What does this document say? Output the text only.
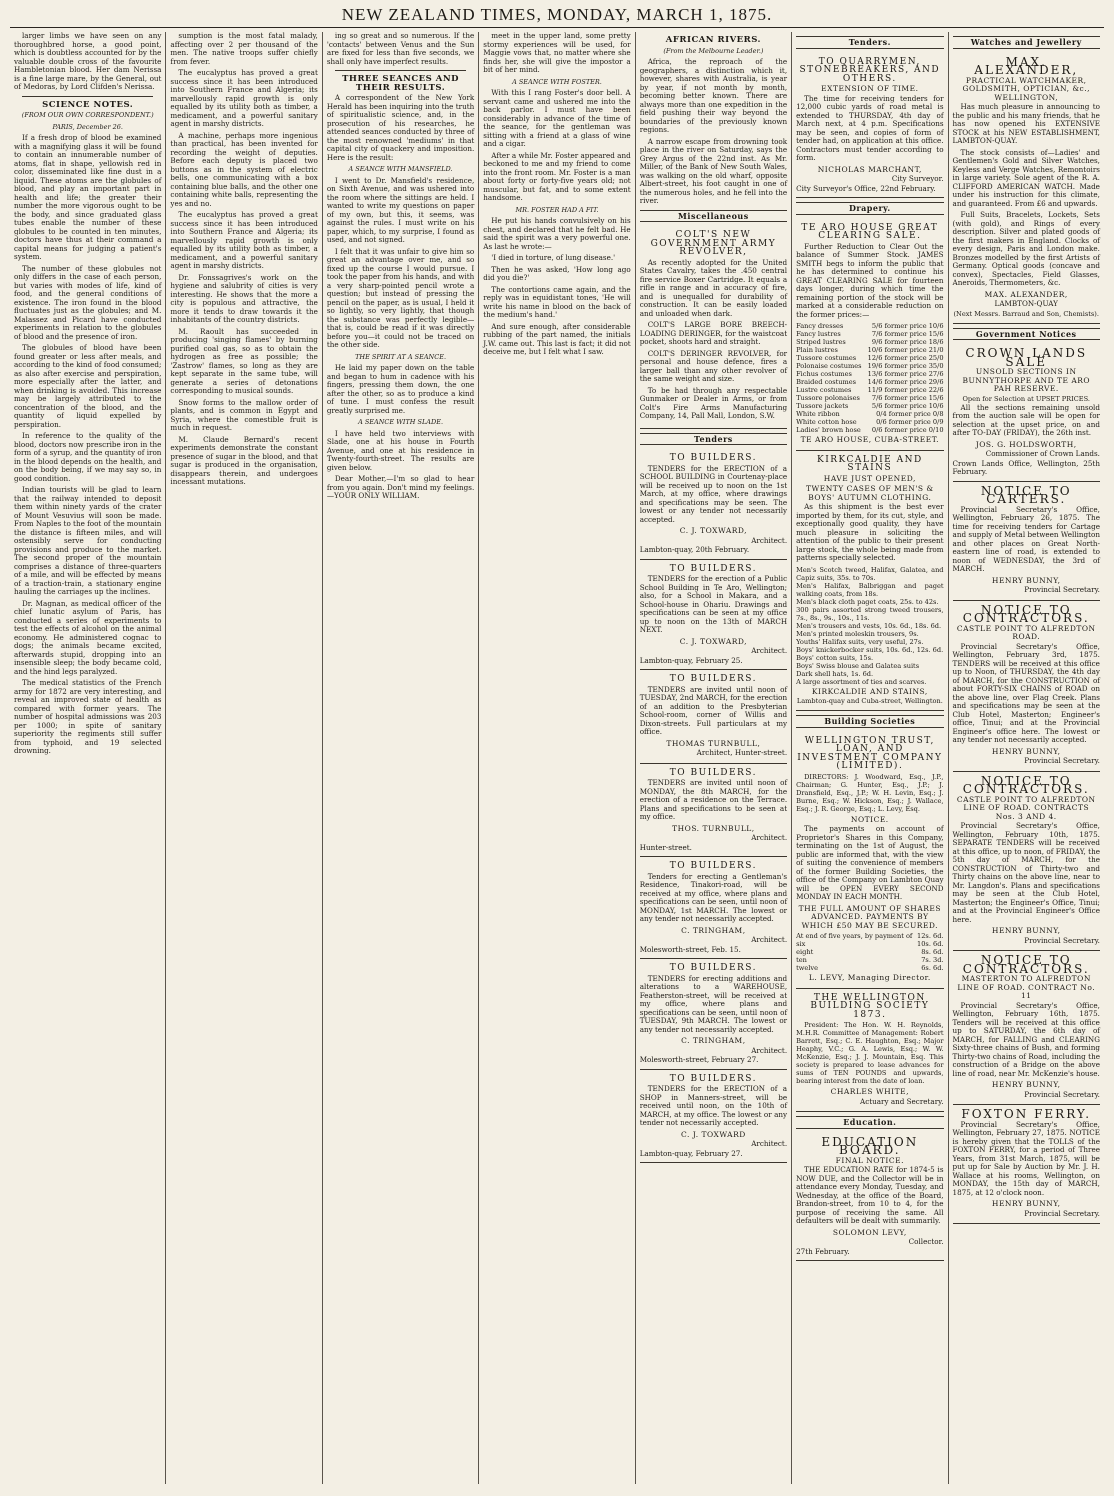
NEW ZEALAND TIMES, MONDAY, MARCH 1, 1875.

larger limbs we have seen on any thoroughbred horse, a good point, which is doubtless accounted for by the valuable double cross of the favourite Hambletonian blood. Her dam Nerissa is a fine large mare, by the General, out of Medoras, by Lord Clifden's Nerissa.

SCIENCE NOTES.
(FROM OUR OWN CORRESPONDENT.)
PARIS, December 26.

If a fresh drop of blood be examined with a magnifying glass it will be found to contain an innumerable number of atoms, flat in shape, yellowish red in color, disseminated like fine dust in a liquid. These atoms are the globules of blood, and play an important part in health and life; the greater their number the more vigorous ought to be the body, and since graduated glass tubes enable the number of these globules to be counted in ten minutes, doctors have thus at their command a capital means for judging a patient's system.

The number of these globules not only differs in the case of each person, but varies with modes of life, kind of food, and the general conditions of existence. The iron found in the blood fluctuates just as the globules; and M. Malassez and Picard have conducted experiments in relation to the globules of blood and the presence of iron.

The globules of blood have been found greater or less after meals, and according to the kind of food consumed; as also after exercise and perspiration, more especially after the latter, and when drinking is avoided. This increase may be largely attributed to the concentration of the blood, and the quantity of liquid expelled by perspiration.

In reference to the quality of the blood, doctors now prescribe iron in the form of a syrup, and the quantity of iron in the blood depends on the health, and on the body being, if we may say so, in good condition.

Indian tourists will be glad to learn that the railway intended to deposit them within ninety yards of the crater of Mount Vesuvius will soon be made. From Naples to the foot of the mountain the distance is fifteen miles, and will ostensibly serve for conducting provisions and produce to the market. The second proper of the mountain comprises a distance of three-quarters of a mile, and will be effected by means of a traction-train, a stationary engine hauling the carriages up the inclines.

Dr. Magnan, as medical officer of the chief lunatic asylum of Paris, has conducted a series of experiments to test the effects of alcohol on the animal economy. He administered cognac to dogs; the animals became excited, afterwards stupid, dropping into an insensible sleep; the body became cold, and the hind legs paralyzed.

The medical statistics of the French army for 1872 are very interesting, and reveal an improved state of health as compared with former years. The number of hospital admissions was 203 per 1000; in spite of sanitary superiority the regiments still suffer from typhoid, and 19 selected drowning.

sumption is the most fatal malady, affecting over 2 per thousand of the men. The native troops suffer chiefly from fever.

The eucalyptus has proved a great success since it has been introduced into Southern France and Algeria; its marvellously rapid growth is only equalled by its utility both as timber, a medicament, and a powerful sanitary agent in marshy districts.

A machine, perhaps more ingenious than practical, has been invented for recording the weight of deputies. Before each deputy is placed two buttons as in the system of electric bells, one communicating with a box containing blue balls, and the other one containing white balls, representing the yes and no.

The eucalyptus has proved a great success since it has been introduced into Southern France and Algeria; its marvellously rapid growth is only equalled by its utility both as timber, a medicament, and a powerful sanitary agent in marshy districts.

Dr. Fonssagrives's work on the hygiene and salubrity of cities is very interesting. He shows that the more a city is populous and attractive, the more it tends to draw towards it the inhabitants of the country districts.

M. Raoult has succeeded in producing 'singing flames' by burning purified coal gas, so as to obtain the hydrogen as free as possible; the 'Zastrow' flames, so long as they are kept separate in the same tube, will generate a series of detonations corresponding to musical sounds.

Snow forms to the mallow order of plants, and is common in Egypt and Syria, where the comestible fruit is much in request.

M. Claude Bernard's recent experiments demonstrate the constant presence of sugar in the blood, and that sugar is produced in the organisation, disappears therein, and undergoes incessant mutations.

ing so great and so numerous. If the 'contacts' between Venus and the Sun are fixed for less than five seconds, we shall only have imperfect results.

THREE SEANCES AND THEIR RESULTS.

A correspondent of the New York Herald has been inquiring into the truth of spiritualistic science, and, in the prosecution of his researches, he attended seances conducted by three of the most renowned 'mediums' in that capital city of quackery and imposition. Here is the result:

A SEANCE WITH MANSFIELD.

I went to Dr. Mansfield's residence, on Sixth Avenue, and was ushered into the room where the sittings are held. I wanted to write my questions on paper of my own, but this, it seems, was against the rules. I must write on his paper, which, to my surprise, I found as used, and not signed.

I felt that it was unfair to give him so great an advantage over me, and so fixed up the course I would pursue. I took the paper from his hands, and with a very sharp-pointed pencil wrote a question; but instead of pressing the pencil on the paper, as is usual, I held it so lightly, so very lightly, that though the substance was perfectly legible—that is, could be read if it was directly before you—it could not be traced on the other side.

THE SPIRIT AT A SEANCE.

He laid my paper down on the table and began to hum in cadence with his fingers, pressing them down, the one after the other, so as to produce a kind of tune. I must confess the result greatly surprised me.

A SEANCE WITH SLADE.

I have held two interviews with Slade, one at his house in Fourth Avenue, and one at his residence in Twenty-fourth-street. The results are given below.

Dear Mother,—I'm so glad to hear from you again. Don't mind my feelings.—YOUR ONLY WILLIAM.

meet in the upper land, some pretty stormy experiences will be used, for Maggie vows that, no matter where she finds her, she will give the impostor a bit of her mind.

A SEANCE WITH FOSTER.

With this I rang Foster's door bell. A servant came and ushered me into the back parlor. I must have been considerably in advance of the time of the seance, for the gentleman was sitting with a friend at a glass of wine and a cigar.

After a while Mr. Foster appeared and beckoned to me and my friend to come into the front room. Mr. Foster is a man about forty or forty-five years old; not muscular, but fat, and to some extent handsome.

MR. FOSTER HAD A FIT.

He put his hands convulsively on his chest, and declared that he felt bad. He said the spirit was a very powerful one. As last he wrote:—

'I died in torture, of lung disease.'

Then he was asked, 'How long ago did you die?'

The contortions came again, and the reply was in equidistant tones, 'He will write his name in blood on the back of the medium's hand.'

And sure enough, after considerable rubbing of the part named, the initials J.W. came out. This last is fact; it did not deceive me, but I felt what I saw.

AFRICAN RIVERS.
(From the Melbourne Leader.)

Africa, the reproach of the geographers, a distinction which it, however, shares with Australia, is year by year, if not month by month, becoming better known. There are always more than one expedition in the field pushing their way beyond the boundaries of the previously known regions.

A narrow escape from drowning took place in the river on Saturday, says the Grey Argus of the 22nd inst. As Mr. Miller, of the Bank of New South Wales, was walking on the old wharf, opposite Albert-street, his foot caught in one of the numerous holes, and he fell into the river.

Miscellaneous
COLT'S NEW GOVERNMENT ARMY REVOLVER,

As recently adopted for the United States Cavalry, takes the .450 central fire service Boxer Cartridge. It equals a rifle in range and in accuracy of fire, and is unequalled for durability of construction. It can be easily loaded and unloaded when dark.

COLT'S LARGE BORE BREECH-LOADING DERINGER, for the waistcoat pocket, shoots hard and straight.

COLT'S DERINGER REVOLVER, for personal and house defence, fires a larger ball than any other revolver of the same weight and size.

To be had through any respectable Gunmaker or Dealer in Arms, or from Colt's Fire Arms Manufacturing Company, 14, Pall Mall, London, S.W.

Tenders
TO BUILDERS.

TENDERS for the ERECTION of a SCHOOL BUILDING in Courtenay-place will be received up to noon on the 1st March, at my office, where drawings and specifications may be seen. The lowest or any tender not necessarily accepted.

C. J. TOXWARD,
Architect.
Lambton-quay, 20th February.
TO BUILDERS.

TENDERS for the erection of a Public School Building in Te Aro, Wellington; also, for a School in Makara, and a School-house in Ohariu. Drawings and specifications can be seen at my office up to noon on the 13th of MARCH NEXT.

C. J. TOXWARD,
Architect.
Lambton-quay, February 25.
TO BUILDERS.

TENDERS are invited until noon of TUESDAY, 2nd MARCH, for the erection of an addition to the Presbyterian School-room, corner of Willis and Dixon-streets. Full particulars at my office.

THOMAS TURNBULL,
Architect, Hunter-street.
TO BUILDERS.

TENDERS are invited until noon of MONDAY, the 8th MARCH, for the erection of a residence on the Terrace. Plans and specifications to be seen at my office.

THOS. TURNBULL,
Architect.
Hunter-street.
TO BUILDERS.

Tenders for erecting a Gentleman's Residence, Tinakori-road, will be received at my office, where plans and specifications can be seen, until noon of MONDAY, 1st MARCH. The lowest or any tender not necessarily accepted.

C. TRINGHAM,
Architect.
Molesworth-street, Feb. 15.
TO BUILDERS.

TENDERS for erecting additions and alterations to a WAREHOUSE, Featherston-street, will be received at my office, where plans and specifications can be seen, until noon of TUESDAY, 9th MARCH. The lowest or any tender not necessarily accepted.

C. TRINGHAM,
Architect.
Molesworth-street, February 27.
TO BUILDERS.

TENDERS for the ERECTION of a SHOP in Manners-street, will be received until noon, on the 10th of MARCH, at my office. The lowest or any tender not necessarily accepted.

C. J. TOXWARD
Architect.
Lambton-quay, February 27.
Tenders.
TO QUARRYMEN, STONEBREAKERS, AND OTHERS.
EXTENSION OF TIME.

The time for receiving tenders for 12,000 cubic yards of road metal is extended to THURSDAY, 4th day of March next, at 4 p.m. Specifications may be seen, and copies of form of tender had, on application at this office. Contractors must tender according to form.

NICHOLAS MARCHANT,
City Surveyor.
City Surveyor's Office, 22nd February.
Drapery.
TE ARO HOUSE GREAT CLEARING SALE.

Further Reduction to Clear Out the balance of Summer Stock. JAMES SMITH begs to inform the public that he has determined to continue his GREAT CLEARING SALE for fourteen days longer, during which time the remaining portion of the stock will be marked at a considerable reduction on the former prices:—

Fancy dresses	5/6 former price 10/6
Fancy lustres	7/6 former price 15/6
Striped lustres	9/6 former price 18/6
Plain lustres	10/6 former price 21/0
Tussore costumes 12/6 former price 25/0
Polonaise costumes 19/6 former price 35/0
Fichus costumes 13/6 former price 27/6
Braided costumes 14/6 former price 29/6
Lustre costumes 11/9 former price 22/6
Tussore polonaises 7/6 former price 15/6
Tussore jackets	5/6 former price 10/6
White ribbon	0/4 former price 0/8
White cotton hose	0/6 former price 0/9
Ladies' brown hose 0/6 former price 0/10
TE ARO HOUSE, CUBA-STREET.
KIRKCALDIE AND STAINS
HAVE JUST OPENED,
TWENTY CASES OF MEN'S & BOYS' AUTUMN CLOTHING.

As this shipment is the best ever imported by them, for its cut, style, and exceptionally good quality, they have much pleasure in soliciting the attention of the public to their present large stock, the whole being made from patterns specially selected.

Men's Scotch tweed, Halifax, Galatea, and Capiz suits, 35s. to 70s.
Men's Halifax, Balbriggan and paget walking coats, from 18s.
Men's black cloth paget coats, 25s. to 42s.
300 pairs assorted strong tweed trousers, 7s., 8s., 9s., 10s., 11s.
Men's trousers and vests, 10s. 6d., 18s. 6d.
Men's printed moleskin trousers, 9s.
Youths' Halifax suits, very useful, 27s.
Boys' knickerbocker suits, 10s. 6d., 12s. 6d.
Boys' cotton suits, 15s.
Boys' Swiss blouse and Galatea suits
Dark shell hats, 1s. 6d.
A large assortment of ties and scarves.
KIRKCALDIE AND STAINS,
Lambton-quay and Cuba-street, Wellington.
Building Societies
WELLINGTON TRUST, LOAN, AND INVESTMENT COMPANY (LIMITED).

DIRECTORS: J. Woodward, Esq., J.P., Chairman; G. Hunter, Esq., J.P.; J. Dransfield, Esq., J.P.; W. H. Levin, Esq.; J. Burne, Esq.; W. Hickson, Esq.; J. Wallace, Esq.; J. R. George, Esq.; L. Levy, Esq.

NOTICE.

The payments on account of Proprietor's Shares in this Company, terminating on the 1st of August, the public are informed that, with the view of suiting the convenience of members of the former Building Societies, the office of the Company on Lambton Quay will be OPEN EVERY SECOND MONDAY IN EACH MONTH.

THE FULL AMOUNT OF SHARES ADVANCED. PAYMENTS BY WHICH £50 MAY BE SECURED.
At end of five years, by payment of 12s. 6d.
six	10s. 6d.
eight	8s. 6d.
ten	7s. 3d.
twelve	6s. 6d.
L. LEVY, Managing Director.
THE WELLINGTON BUILDING SOCIETY 1873.

President: The Hon. W. H. Reynolds, M.H.R. Committee of Management: Robert Barrett, Esq.; C. E. Haughton, Esq.; Major Heaphy, V.C.; G. A. Lewis, Esq.; W. W. McKenzie, Esq.; J. J. Mountain, Esq. This society is prepared to lease advances for sums of TEN POUNDS and upwards, bearing interest from the date of loan.

CHARLES WHITE,
Actuary and Secretary.
Education.
EDUCATION BOARD.
FINAL NOTICE.

THE EDUCATION RATE for 1874-5 is NOW DUE, and the Collector will be in attendance every Monday, Tuesday, and Wednesday, at the office of the Board, Brandon-street, from 10 to 4, for the purpose of receiving the same. All defaulters will be dealt with summarily.

SOLOMON LEVY,
Collector.
27th February.
Watches and Jewellery
MAX. ALEXANDER,
PRACTICAL WATCHMAKER, GOLDSMITH, OPTICIAN, &c., WELLINGTON,

Has much pleasure in announcing to the public and his many friends, that he has now opened his EXTENSIVE STOCK at his NEW ESTABLISHMENT, LAMBTON-QUAY.

The stock consists of—Ladies' and Gentlemen's Gold and Silver Watches, Keyless and Verge Watches, Remontoirs in large variety. Sole agent of the R. A. CLIFFORD AMERICAN WATCH. Made under his instruction for this climate, and guaranteed. From £6 and upwards.

Full Suits, Bracelets, Lockets, Sets (with gold), and Rings of every description. Silver and plated goods of the first makers in England. Clocks of every design, Paris and London make. Bronzes modelled by the first Artists of Germany. Optical goods (concave and convex), Spectacles, Field Glasses, Aneroids, Thermometers, &c.

MAX. ALEXANDER,
LAMBTON-QUAY
(Next Messrs. Barraud and Son, Chemists).
Government Notices
CROWN LANDS SALE
UNSOLD SECTIONS IN BUNNYTHORPE AND TE ARO PAH RESERVE.
Open for Selection at UPSET PRICES.

All the sections remaining unsold from the auction sale will be open for selection at the upset price, on and after TO-DAY (FRIDAY), the 26th inst.

JOS. G. HOLDSWORTH,
Commissioner of Crown Lands.
Crown Lands Office, Wellington, 25th February.
NOTICE TO CARTERS.

Provincial Secretary's Office, Wellington, February 26, 1875. The time for receiving tenders for Cartage and supply of Metal between Wellington and other places on Great North-eastern line of road, is extended to noon of WEDNESDAY, the 3rd of MARCH.

HENRY BUNNY,
Provincial Secretary.
NOTICE TO CONTRACTORS.
CASTLE POINT TO ALFREDTON ROAD.

Provincial Secretary's Office, Wellington, February 3rd, 1875. TENDERS will be received at this office up to Noon, of THURSDAY, the 4th day of MARCH, for the CONSTRUCTION of about FORTY-SIX CHAINS of ROAD on the above line, over Flag Creek. Plans and specifications may be seen at the Club Hotel, Masterton; Engineer's office, Tinui; and at the Provincial Engineer's office here. The lowest or any tender not necessarily accepted.

HENRY BUNNY,
Provincial Secretary.
NOTICE TO CONTRACTORS.
CASTLE POINT TO ALFREDTON LINE OF ROAD. CONTRACTS Nos. 3 AND 4.

Provincial Secretary's Office, Wellington, February 10th, 1875. SEPARATE TENDERS will be received at this office, up to noon, of FRIDAY, the 5th day of MARCH, for the CONSTRUCTION of Thirty-two and Thirty chains on the above line, near to Mr. Langdon's. Plans and specifications may be seen at the Club Hotel, Masterton; the Engineer's Office, Tinui; and at the Provincial Engineer's Office here.

HENRY BUNNY,
Provincial Secretary.
NOTICE TO CONTRACTORS.
MASTERTON TO ALFREDTON LINE OF ROAD. CONTRACT No. 11

Provincial Secretary's Office, Wellington, February 16th, 1875. Tenders will be received at this office up to SATURDAY, the 6th day of MARCH, for FALLING and CLEARING Sixty-three chains of Bush, and forming Thirty-two chains of Road, including the construction of a Bridge on the above line of road, near Mr. McKenzie's house.

HENRY BUNNY,
Provincial Secretary.
FOXTON FERRY.

Provincial Secretary's Office, Wellington, February 27, 1875. NOTICE is hereby given that the TOLLS of the FOXTON FERRY, for a period of Three Years, from 31st March, 1875, will be put up for Sale by Auction by Mr. J. H. Wallace at his rooms, Wellington, on MONDAY, the 15th day of MARCH, 1875, at 12 o'clock noon.

HENRY BUNNY,
Provincial Secretary.
